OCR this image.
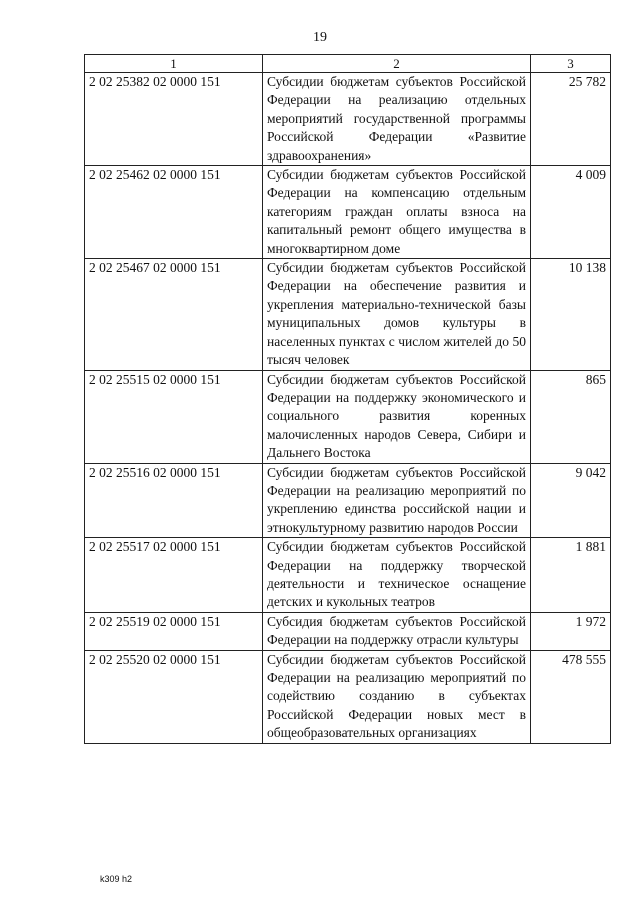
19
1	2	3
2 02 25382 02 0000 151	Субсидии бюджетам субъектов Российской Федерации на реализацию отдельных мероприятий государственной программы Российской Федерации «Развитие здравоохранения»	25 782
2 02 25462 02 0000 151	Субсидии бюджетам субъектов Российской Федерации на компенсацию отдельным категориям граждан оплаты взноса на капитальный ремонт общего имущества в многоквартирном доме	4 009
2 02 25467 02 0000 151	Субсидии бюджетам субъектов Российской Федерации на обеспечение развития и укрепления материально-технической базы муниципальных домов культуры в населенных пунктах с числом жителей до 50 тысяч человек	10 138
2 02 25515 02 0000 151	Субсидии бюджетам субъектов Российской Федерации на поддержку экономического и социального развития коренных малочисленных народов Севера, Сибири и Дальнего Востока	865
2 02 25516 02 0000 151	Субсидии бюджетам субъектов Российской Федерации на реализацию мероприятий по укреплению единства российской нации и этнокультурному развитию народов России	9 042
2 02 25517 02 0000 151	Субсидии бюджетам субъектов Российской Федерации на поддержку творческой деятельности и техническое оснащение детских и кукольных театров	1 881
2 02 25519 02 0000 151	Субсидия бюджетам субъектов Российской Федерации на поддержку отрасли культуры	1 972
2 02 25520 02 0000 151	Субсидии бюджетам субъектов Российской Федерации на реализацию мероприятий по содействию созданию в субъектах Российской Федерации новых мест в общеобразовательных организациях	478 555
k309 h2
